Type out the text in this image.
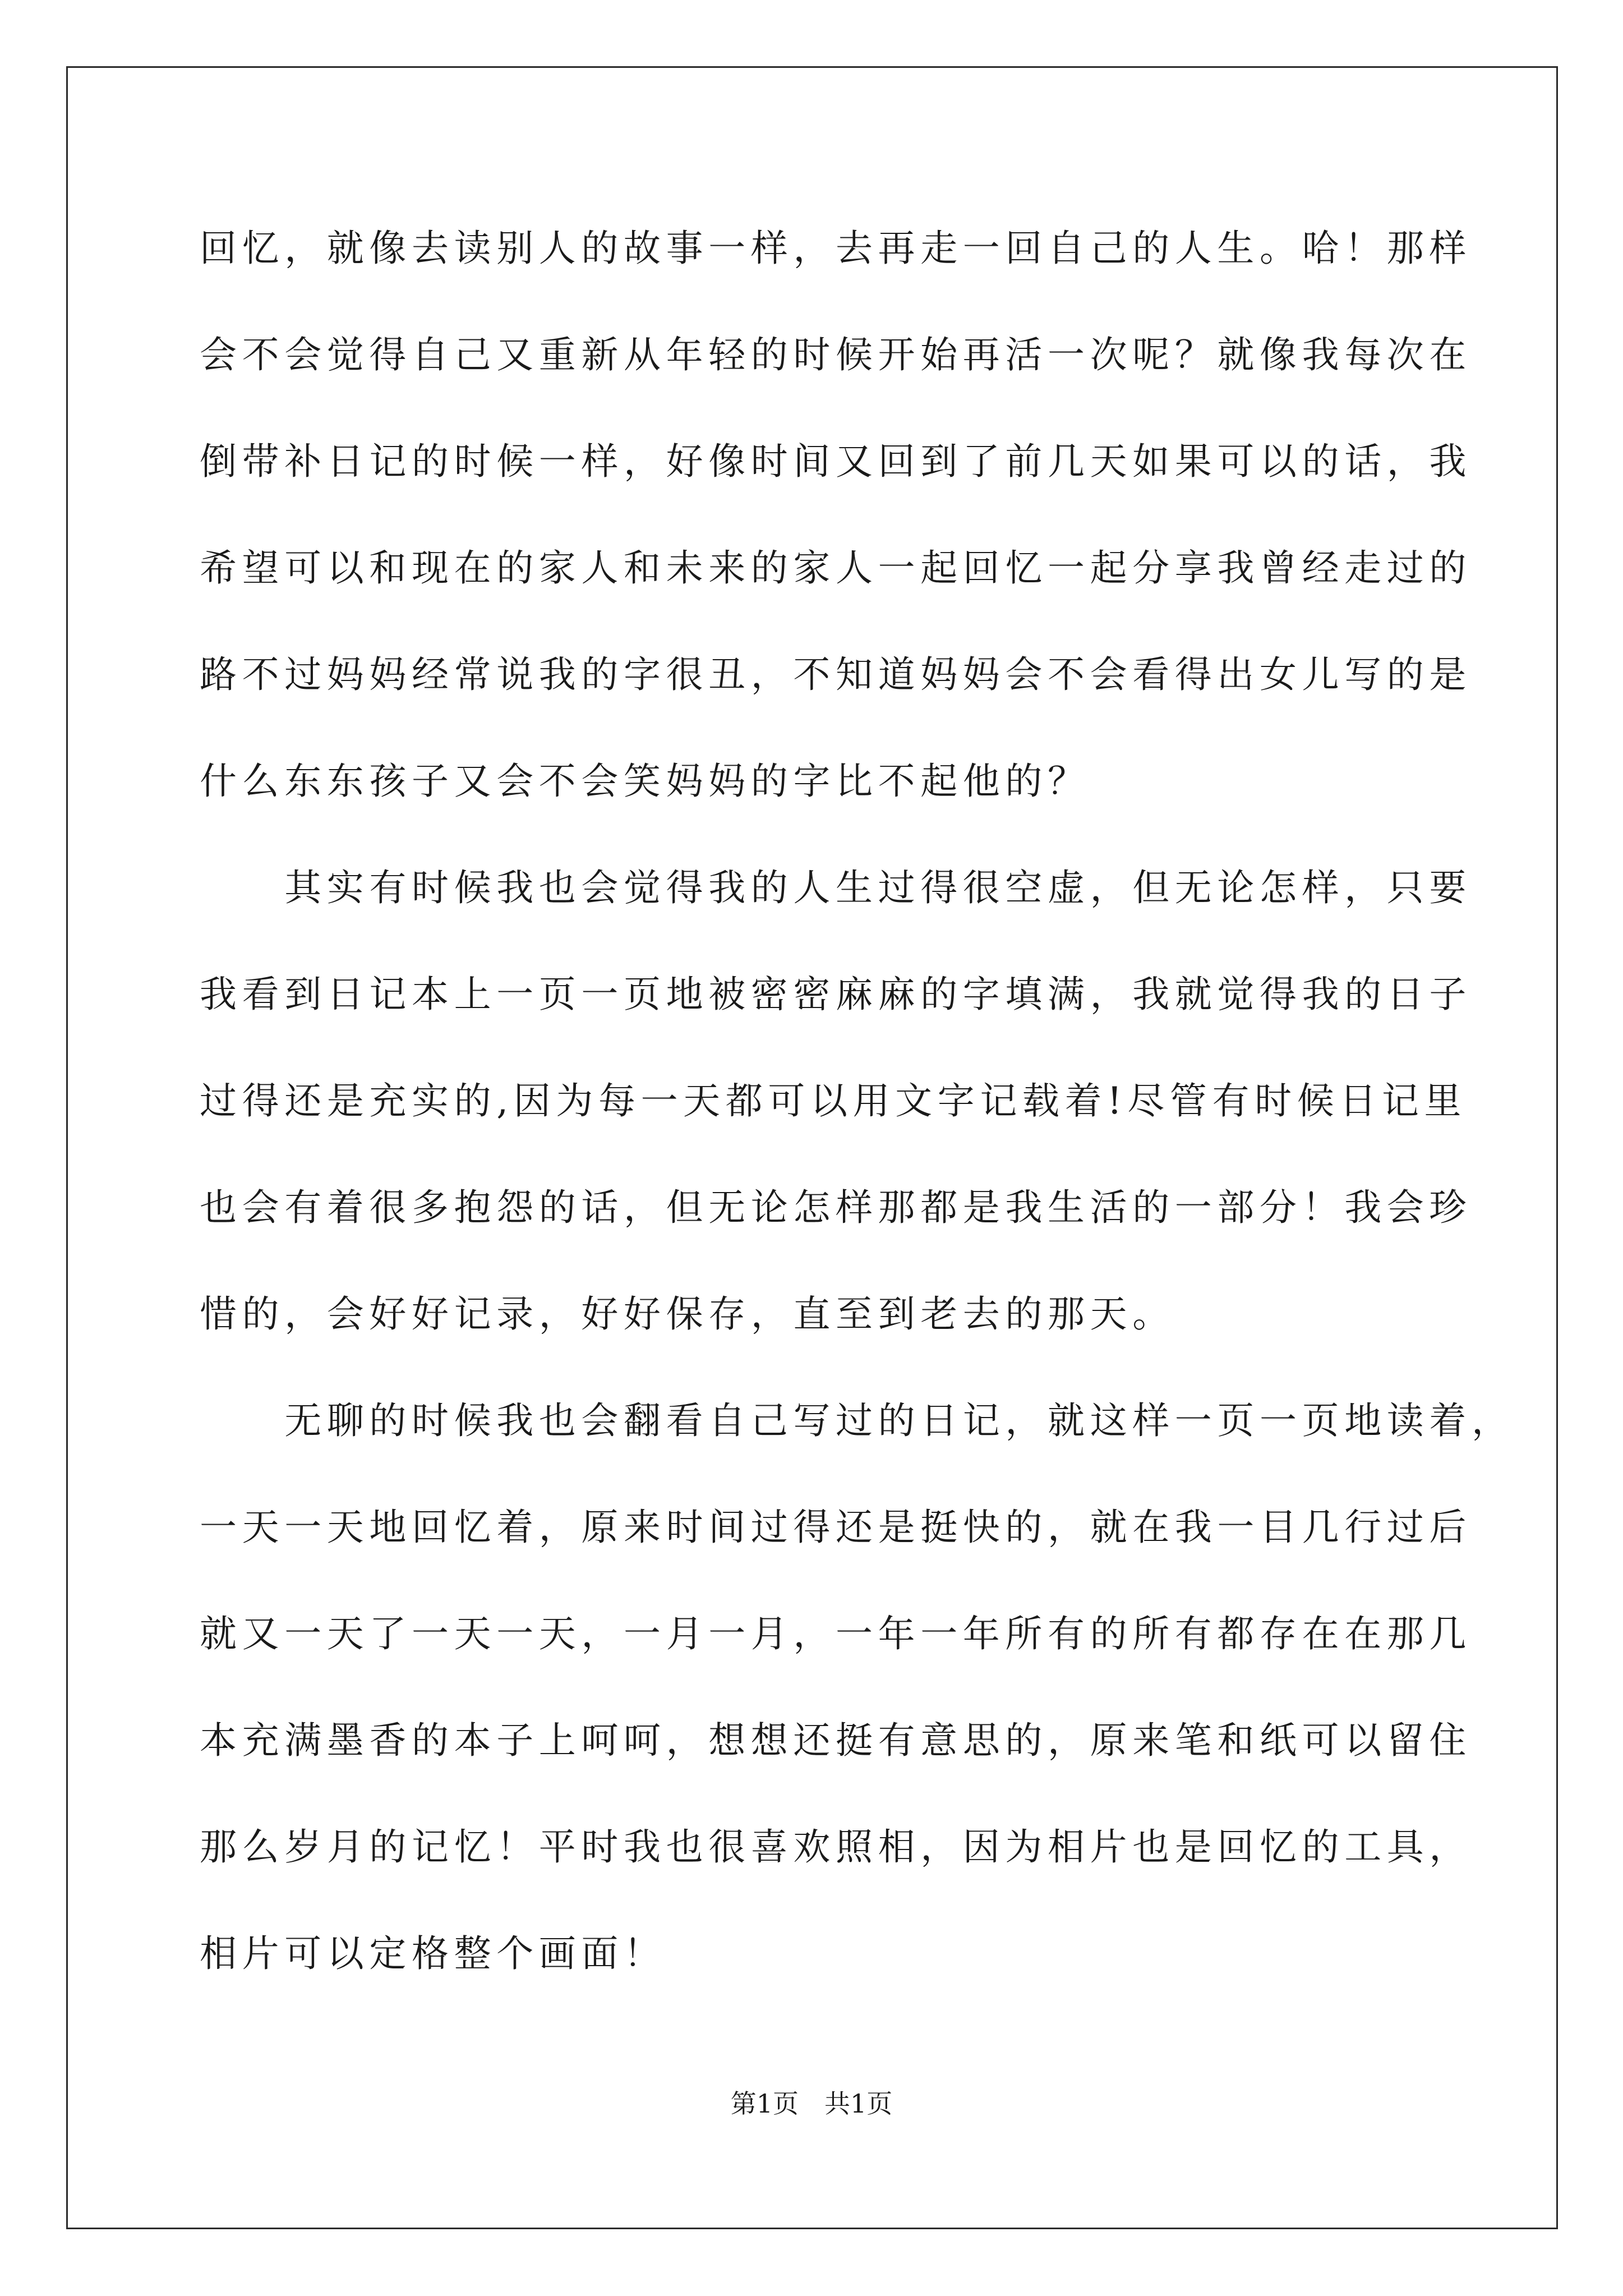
回忆，就像去读别人的故事一样，去再走一回自己的人生。哈！那样
会不会觉得自己又重新从年轻的时候开始再活一次呢？就像我每次在
倒带补日记的时候一样，好像时间又回到了前几天如果可以的话，我
希望可以和现在的家人和未来的家人一起回忆一起分享我曾经走过的
路不过妈妈经常说我的字很丑，不知道妈妈会不会看得出女儿写的是
什么东东孩子又会不会笑妈妈的字比不起他的？
　　其实有时候我也会觉得我的人生过得很空虚，但无论怎样，只要
我看到日记本上一页一页地被密密麻麻的字填满，我就觉得我的日子
过得还是充实的,因为每一天都可以用文字记载着!尽管有时候日记里
也会有着很多抱怨的话，但无论怎样那都是我生活的一部分！我会珍
惜的，会好好记录，好好保存，直至到老去的那天。
　　无聊的时候我也会翻看自己写过的日记，就这样一页一页地读着，
一天一天地回忆着，原来时间过得还是挺快的，就在我一目几行过后
就又一天了一天一天，一月一月，一年一年所有的所有都存在在那几
本充满墨香的本子上呵呵，想想还挺有意思的，原来笔和纸可以留住
那么岁月的记忆！平时我也很喜欢照相，因为相片也是回忆的工具，
相片可以定格整个画面！
第1页　共1页
